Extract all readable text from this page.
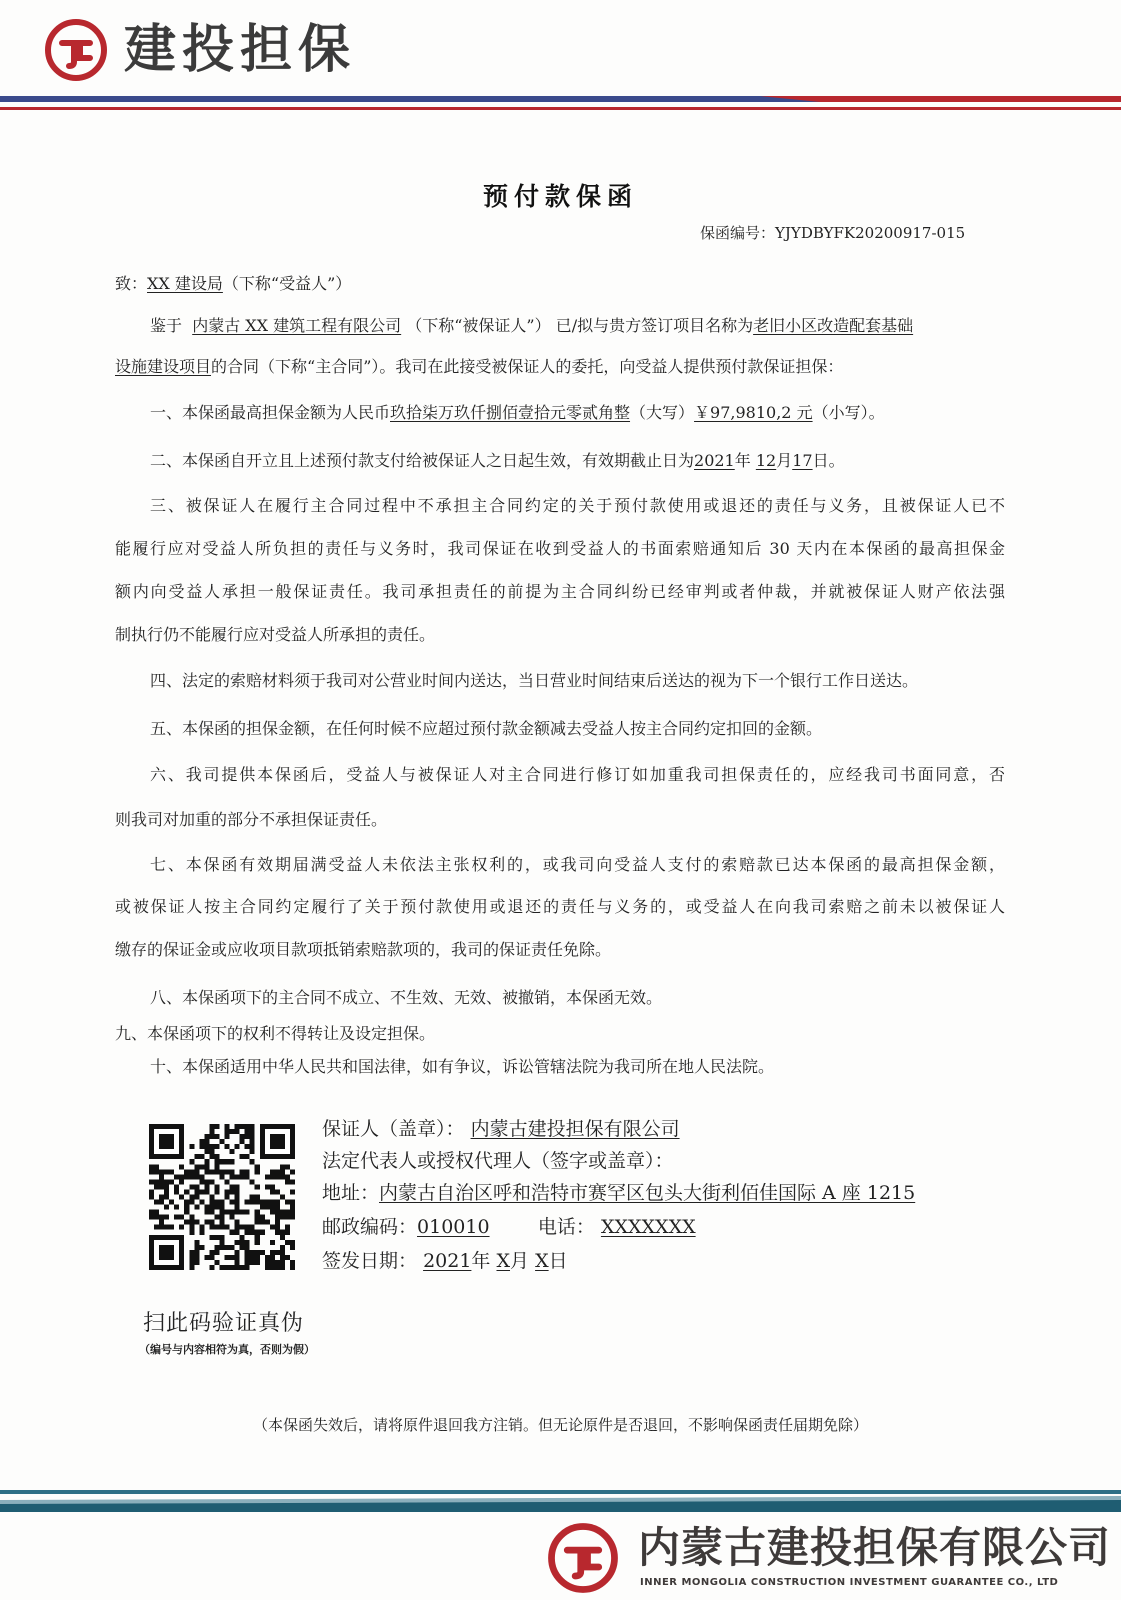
建投担保
预付款保函
保函编号：YJYDBYFK20200917-015
致：XX 建设局（下称“受益人”）
鉴于 内蒙古 XX 建筑工程有限公司 （下称“被保证人”） 已/拟与贵方签订项目名称为老旧小区改造配套基础
设施建设项目的合同（下称“主合同”）。我司在此接受被保证人的委托，向受益人提供预付款保证担保：
一、本保函最高担保金额为人民币玖拾柒万玖仟捌佰壹拾元零贰角整（大写）￥97,9810,2 元（小写）。
二、本保函自开立且上述预付款支付给被保证人之日起生效，有效期截止日为2021年 12月17日。
三、被保证人在履行主合同过程中不承担主合同约定的关于预付款使用或退还的责任与义务，且被保证人已不
能履行应对受益人所负担的责任与义务时，我司保证在收到受益人的书面索赔通知后 30 天内在本保函的最高担保金
额内向受益人承担一般保证责任。我司承担责任的前提为主合同纠纷已经审判或者仲裁，并就被保证人财产依法强
制执行仍不能履行应对受益人所承担的责任。
四、法定的索赔材料须于我司对公营业时间内送达，当日营业时间结束后送达的视为下一个银行工作日送达。
五、本保函的担保金额，在任何时候不应超过预付款金额减去受益人按主合同约定扣回的金额。
六、我司提供本保函后，受益人与被保证人对主合同进行修订如加重我司担保责任的，应经我司书面同意，否
则我司对加重的部分不承担保证责任。
七、本保函有效期届满受益人未依法主张权利的，或我司向受益人支付的索赔款已达本保函的最高担保金额，
或被保证人按主合同约定履行了关于预付款使用或退还的责任与义务的，或受益人在向我司索赔之前未以被保证人
缴存的保证金或应收项目款项抵销索赔款项的，我司的保证责任免除。
八、本保函项下的主合同不成立、不生效、无效、被撤销，本保函无效。
九、本保函项下的权利不得转让及设定担保。
十、本保函适用中华人民共和国法律，如有争议，诉讼管辖法院为我司所在地人民法院。
扫此码验证真伪
（编号与内容相符为真，否则为假）
保证人（盖章）： 内蒙古建投担保有限公司
法定代表人或授权代理人（签字或盖章）：
地址：内蒙古自治区呼和浩特市赛罕区包头大街利佰佳国际 A 座 1215
邮政编码：010010	电话： XXXXXXX
签发日期： 2021年 X月 X日
（本保函失效后，请将原件退回我方注销。但无论原件是否退回，不影响保函责任届期免除）
内蒙古建投担保有限公司
INNER MONGOLIA CONSTRUCTION INVESTMENT GUARANTEE CO., LTD
